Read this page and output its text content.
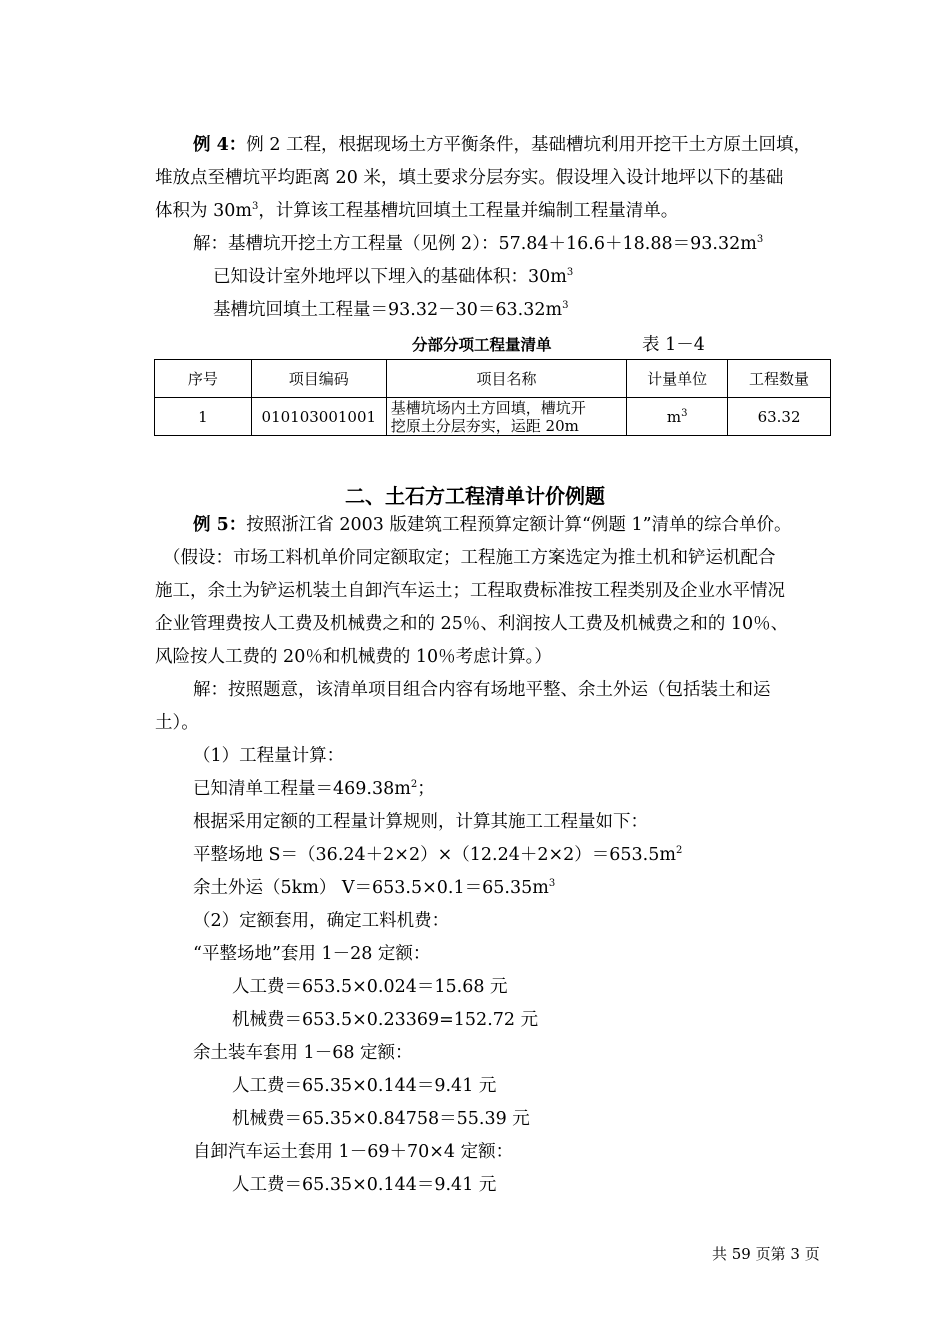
例 4：例 2 工程，根据现场土方平衡条件，基础槽坑利用开挖干土方原土回填，
堆放点至槽坑平均距离 20 米，填土要求分层夯实。假设埋入设计地坪以下的基础
体积为 $30m^3$，计算该工程基槽坑回填土工程量并编制工程量清单。
解：基槽坑开挖土方工程量（见例 2）：$57.84+16.6+18.88=93.32m^3$
已知设计室外地坪以下埋入的基础体积：$30m^3$
基槽坑回填土工程量$=93.32-30=63.32m^3$
分部分项工程量清单	表 1－4
序号	项目编码	项目名称	计量单位	工程数量
1	010103001001	基槽坑场内土方回填，槽坑开
挖原土分层夯实，运距 20m	$m^3$	63.32
二、土石方工程清单计价例题
例 5：按照浙江省 2003 版建筑工程预算定额计算“例题 1”清单的综合单价。
（假设：市场工料机单价同定额取定；工程施工方案选定为推土机和铲运机配合
施工，余土为铲运机装土自卸汽车运土；工程取费标准按工程类别及企业水平情况
企业管理费按人工费及机械费之和的 25％、利润按人工费及机械费之和的 10％、
风险按人工费的 20％和机械费的 10％考虑计算。）
解：按照题意，该清单项目组合内容有场地平整、余土外运（包括装土和运
土）。
（1）工程量计算：
已知清单工程量$=469.38m^2$；
根据采用定额的工程量计算规则，计算其施工工程量如下：
平整场地 $S=(36.24+2\times 2)\times(12.24+2\times 2)=653.5m^2$
余土外运（5km） $V=653.5\times 0.1=65.35m^3$
（2）定额套用，确定工料机费：
“平整场地”套用 1－28 定额：
人工费＝653.5×0.024＝15.68 元
机械费＝653.5×0.23369=152.72 元
余土装车套用 1－68 定额：
人工费＝65.35×0.144＝9.41 元
机械费＝65.35×0.84758＝55.39 元
自卸汽车运土套用 1－69＋70×4 定额：
人工费＝65.35×0.144＝9.41 元
共 59 页第 3 页
